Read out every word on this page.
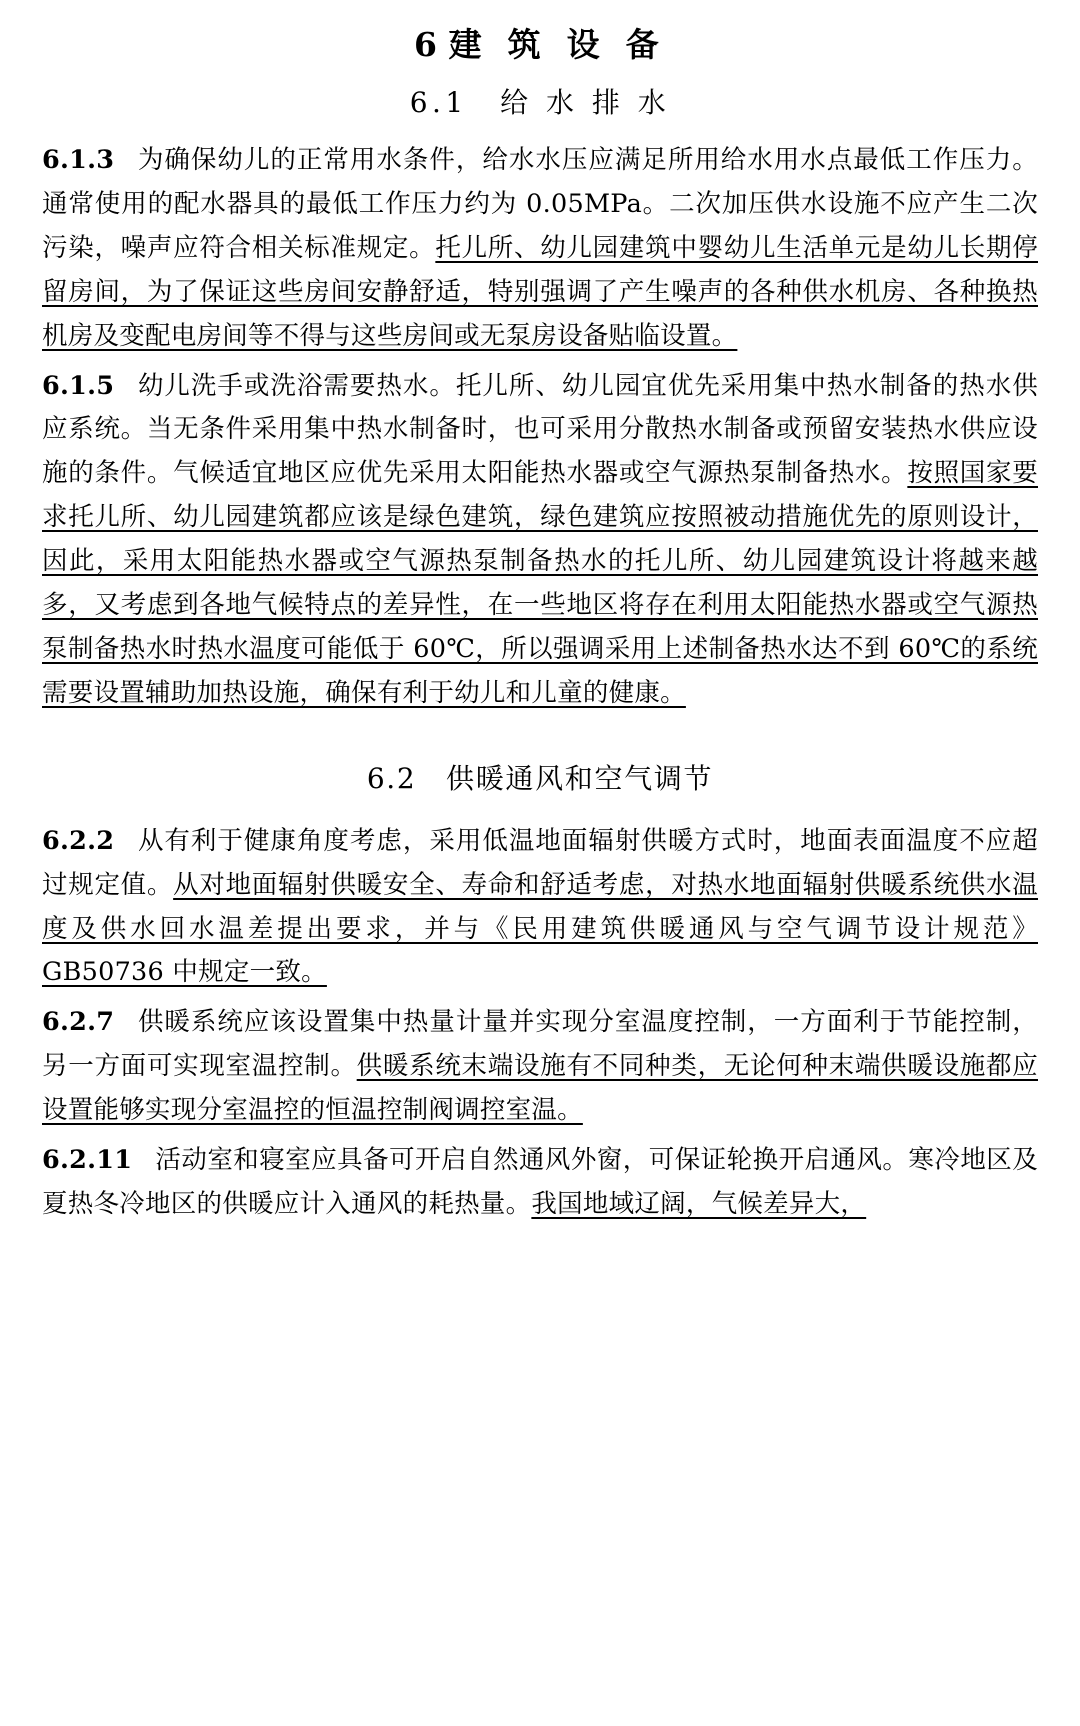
6 建 筑 设 备
6.1　给 水 排 水

6.1.3 为确保幼儿的正常用水条件，给水水压应满足所用给水用水点最低工作压力。通常使用的配水器具的最低工作压力约为 0.05MPa。二次加压供水设施不应产生二次污染，噪声应符合相关标准规定。托儿所、幼儿园建筑中婴幼儿生活单元是幼儿长期停留房间，为了保证这些房间安静舒适，特别强调了产生噪声的各种供水机房、各种换热机房及变配电房间等不得与这些房间或无泵房设备贴临设置。

6.1.5 幼儿洗手或洗浴需要热水。托儿所、幼儿园宜优先采用集中热水制备的热水供应系统。当无条件采用集中热水制备时，也可采用分散热水制备或预留安装热水供应设施的条件。气候适宜地区应优先采用太阳能热水器或空气源热泵制备热水。按照国家要求托儿所、幼儿园建筑都应该是绿色建筑，绿色建筑应按照被动措施优先的原则设计，因此，采用太阳能热水器或空气源热泵制备热水的托儿所、幼儿园建筑设计将越来越多，又考虑到各地气候特点的差异性，在一些地区将存在利用太阳能热水器或空气源热泵制备热水时热水温度可能低于 60℃，所以强调采用上述制备热水达不到 60℃的系统需要设置辅助加热设施，确保有利于幼儿和儿童的健康。

6.2　供暖通风和空气调节

6.2.2 从有利于健康角度考虑，采用低温地面辐射供暖方式时，地面表面温度不应超过规定值。从对地面辐射供暖安全、寿命和舒适考虑，对热水地面辐射供暖系统供水温度及供水回水温差提出要求，并与《民用建筑供暖通风与空气调节设计规范》GB50736 中规定一致。

6.2.7 供暖系统应该设置集中热量计量并实现分室温度控制，一方面利于节能控制，另一方面可实现室温控制。供暖系统末端设施有不同种类，无论何种末端供暖设施都应设置能够实现分室温控的恒温控制阀调控室温。

6.2.11 活动室和寝室应具备可开启自然通风外窗，可保证轮换开启通风。寒冷地区及夏热冬冷地区的供暖应计入通风的耗热量。我国地域辽阔，气候差异大，
